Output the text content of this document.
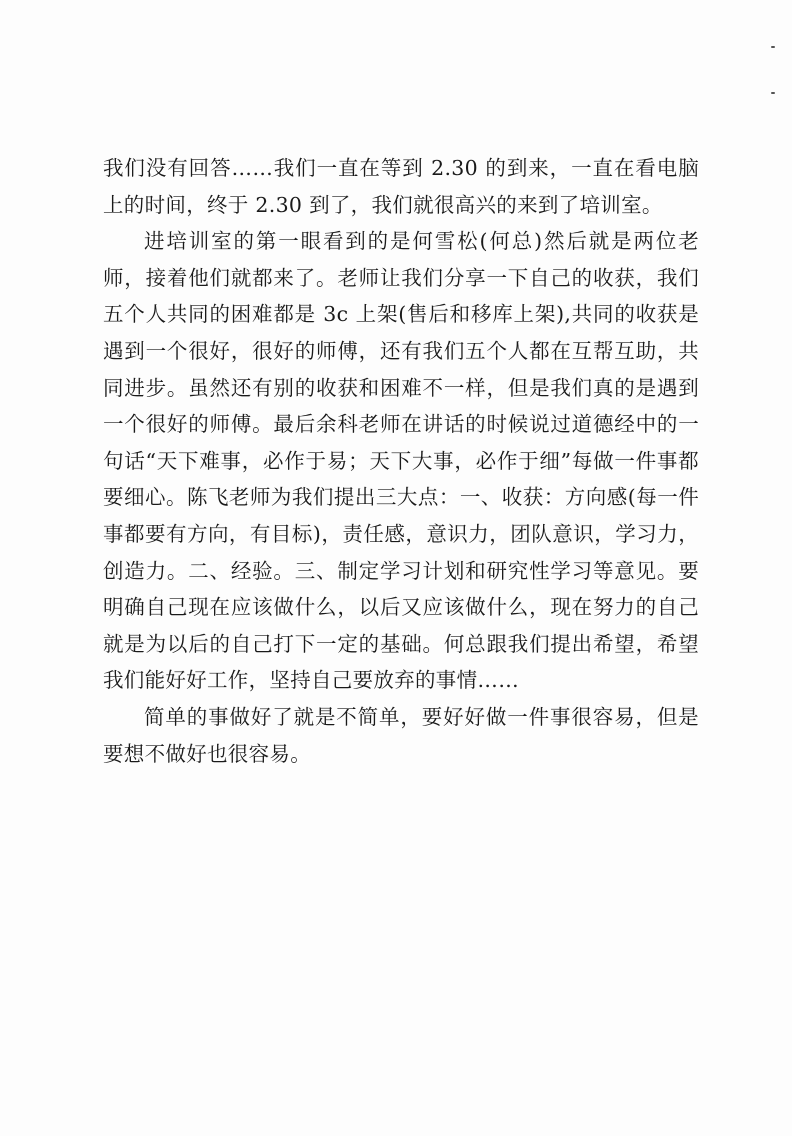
我们没有回答……我们一直在等到 2.30 的到来，一直在看电脑上的时间，终于 2.30 到了，我们就很高兴的来到了培训室。

进培训室的第一眼看到的是何雪松(何总)然后就是两位老师，接着他们就都来了。老师让我们分享一下自己的收获，我们五个人共同的困难都是 3c 上架(售后和移库上架),共同的收获是遇到一个很好，很好的师傅，还有我们五个人都在互帮互助，共同进步。虽然还有别的收获和困难不一样，但是我们真的是遇到一个很好的师傅。最后余科老师在讲话的时候说过道德经中的一句话“天下难事，必作于易；天下大事，必作于细”每做一件事都要细心。陈飞老师为我们提出三大点：一、收获：方向感(每一件事都要有方向，有目标)，责任感，意识力，团队意识，学习力，创造力。二、经验。三、制定学习计划和研究性学习等意见。要明确自己现在应该做什么，以后又应该做什么，现在努力的自己就是为以后的自己打下一定的基础。何总跟我们提出希望，希望我们能好好工作，坚持自己要放弃的事情……

简单的事做好了就是不简单，要好好做一件事很容易，但是要想不做好也很容易。
